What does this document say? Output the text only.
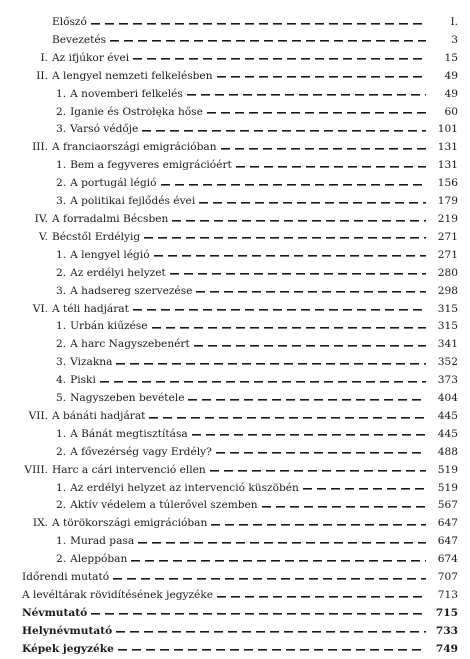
Előszó	I.
Bevezetés	3
I. Az ifjúkor évei	15
II. A lengyel nemzeti felkelésben	49
1. A novemberi felkelés	49
2. Iganie és Ostrołęka hőse	60
3. Varsó védője	101
III. A franciaországi emigrációban	131
1. Bem a fegyveres emigrációért	131
2. A portugál légió	156
3. A politikai fejlődés évei	179
IV. A forradalmi Bécsben	219
V. Bécstől Erdélyig	271
1. A lengyel légió	271
2. Az erdélyi helyzet	280
3. A hadsereg szervezése	298
VI. A téli hadjárat	315
1. Urbán kiűzése	315
2. A harc Nagyszebenért	341
3. Vizakna	352
4. Piski	373
5. Nagyszeben bevétele	404
VII. A bánáti hadjárat	445
1. A Bánát megtisztítása	445
2. A fővezérség vagy Erdély?	488
VIII. Harc a cári intervenció ellen	519
1. Az erdélyi helyzet az intervenció küszöbén	519
2. Aktív védelem a túlerővel szemben	567
IX. A törökországi emigrációban	647
1. Murad pasa	647
2. Aleppóban	674
Időrendi mutató	707
A levéltárak rövidítésének jegyzéke	713
Névmutató	715
Helynévmutató	733
Képek jegyzéke	749
